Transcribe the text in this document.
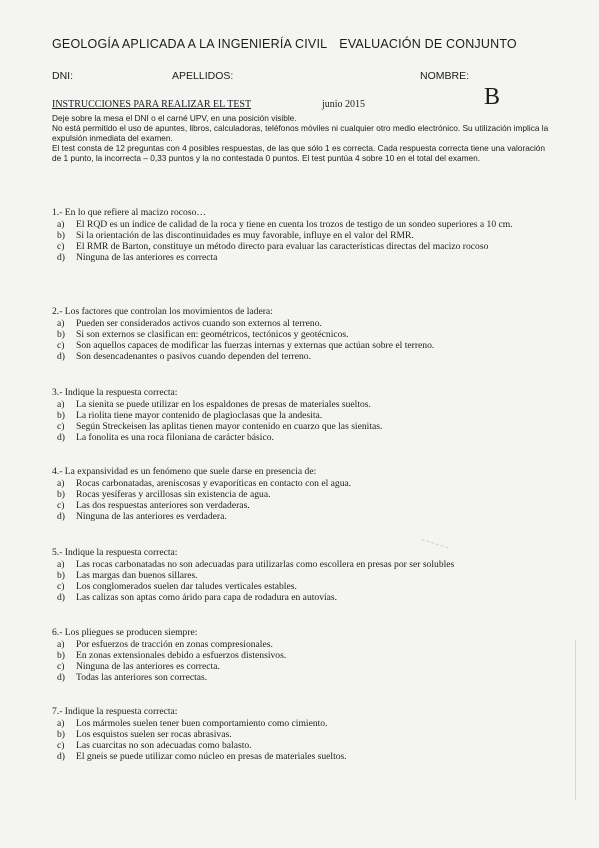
GEOLOGÍA APLICADA A LA INGENIERÍA CIVIL EVALUACIÓN DE CONJUNTO
DNI:	APELLIDOS:	NOMBRE:
INSTRUCCIONES PARA REALIZAR EL TEST	junio 2015	B

Deje sobre la mesa el DNI o el carné UPV, en una posición visible.

No está permitido el uso de apuntes, libros, calculadoras, teléfonos móviles ni cualquier otro medio electrónico. Su utilización implica la expulsión inmediata del examen.

El test consta de 12 preguntas con 4 posibles respuestas, de las que sólo 1 es correcta. Cada respuesta correcta tiene una valoración de 1 punto, la incorrecta – 0,33 puntos y la no contestada 0 puntos. El test puntúa 4 sobre 10 en el total del examen.

1.- En lo que refiere al macizo rocoso…
a)	El RQD es un índice de calidad de la roca y tiene en cuenta los trozos de testigo de un sondeo superiores a 10 cm.
b)	Si la orientación de las discontinuidades es muy favorable, influye en el valor del RMR.
c)	El RMR de Barton, constituye un método directo para evaluar las características directas del macizo rocoso
d)	Ninguna de las anteriores es correcta
2.- Los factores que controlan los movimientos de ladera:
a)	Pueden ser considerados activos cuando son externos al terreno.
b)	Si son externos se clasifican en: geométricos, tectónicos y geotécnicos.
c)	Son aquellos capaces de modificar las fuerzas internas y externas que actúan sobre el terreno.
d)	Son desencadenantes o pasivos cuando dependen del terreno.
3.- Indique la respuesta correcta:
a)	La sienita se puede utilizar en los espaldones de presas de materiales sueltos.
b)	La riolita tiene mayor contenido de plagioclasas que la andesita.
c)	Según Streckeisen las aplitas tienen mayor contenido en cuarzo que las sienitas.
d)	La fonolita es una roca filoniana de carácter básico.
4.- La expansividad es un fenómeno que suele darse en presencia de:
a)	Rocas carbonatadas, areniscosas y evaporíticas en contacto con el agua.
b)	Rocas yesíferas y arcillosas sin existencia de agua.
c)	Las dos respuestas anteriores son verdaderas.
d)	Ninguna de las anteriores es verdadera.
5.- Indique la respuesta correcta:
a)	Las rocas carbonatadas no son adecuadas para utilizarlas como escollera en presas por ser solubles
b)	Las margas dan buenos sillares.
c)	Los conglomerados suelen dar taludes verticales estables.
d)	Las calizas son aptas como árido para capa de rodadura en autovías.
6.- Los pliegues se producen siempre:
a)	Por esfuerzos de tracción en zonas compresionales.
b)	En zonas extensionales debido a esfuerzos distensivos.
c)	Ninguna de las anteriores es correcta.
d)	Todas las anteriores son correctas.
7.- Indique la respuesta correcta:
a)	Los mármoles suelen tener buen comportamiento como cimiento.
b)	Los esquistos suelen ser rocas abrasivas.
c)	Las cuarcitas no son adecuadas como balasto.
d)	El gneis se puede utilizar como núcleo en presas de materiales sueltos.
